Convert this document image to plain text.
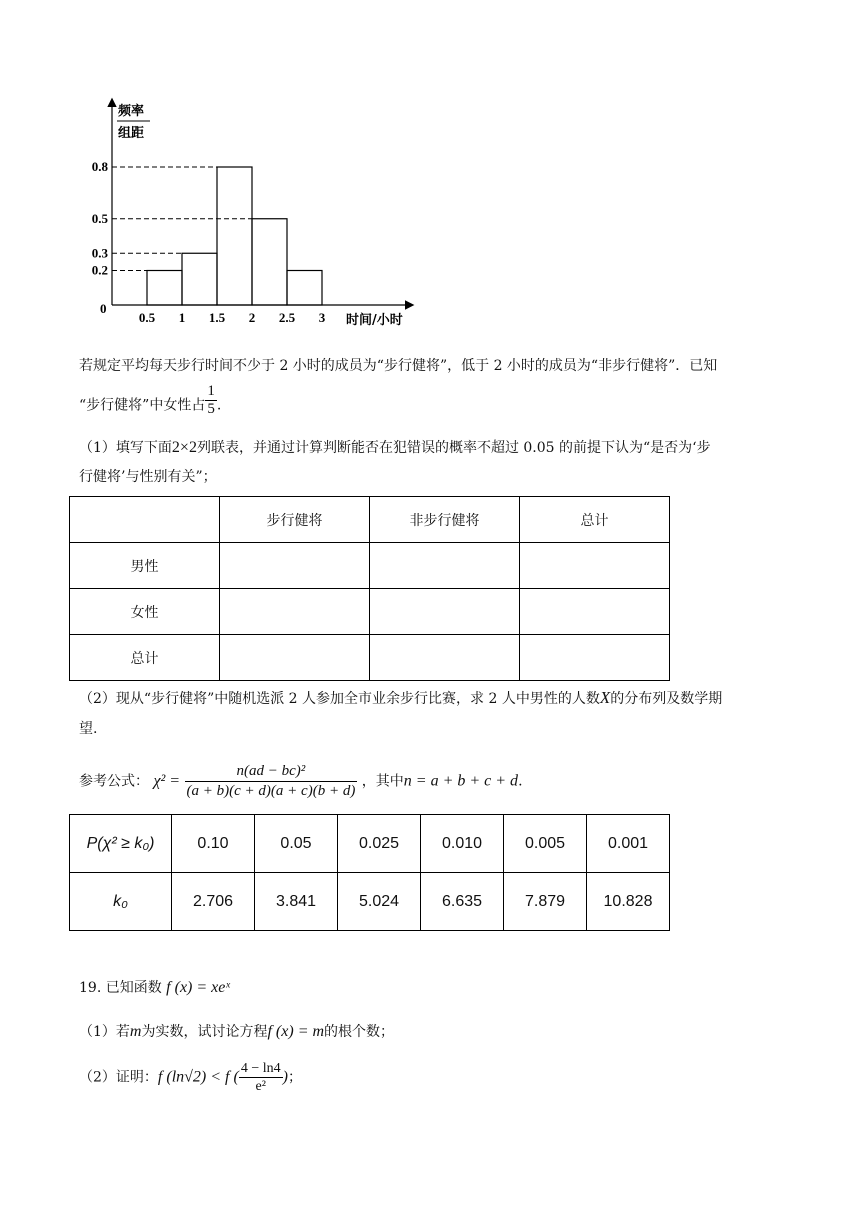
频率
组距
时间/小时
0
0.8
0.5
0.3
0.2
0.5 1 1.5 2 2.5 3
若规定平均每天步行时间不少于 2 小时的成员为“步行健将”，低于 2 小时的成员为“非步行健将”．已知
“步行健将”中女性占 $\frac{1}{5}$ .
（1）填写下面2×2列联表，并通过计算判断能否在犯错误的概率不超过 0.05 的前提下认为“是否为‘步
行健将’与性别有关”；
	步行健将	非步行健将	总计
男性			
女性			
总计			
（2）现从“步行健将”中随机选派 2 人参加全市业余步行比赛，求 2 人中男性的人数X的分布列及数学期
望.
参考公式： $\chi^2 = \frac{\text{n(ad − bc)²}}{(a + b)(c + d)(a + c)(b + d)}$ ，其中n = a + b + c + d.
P(χ² ≥ k₀)	0.10	0.05	0.025	0.010	0.005	0.001
k₀	2.706	3.841	5.024	6.635	7.879	10.828
19. 已知函数 f (x) = xeˣ
（1）若m为实数，试讨论方程f (x) = m的根个数；
（2）证明：f (ln√2) < f ( $\frac{4 - \ln 4}{\text{e²}}$ )；
